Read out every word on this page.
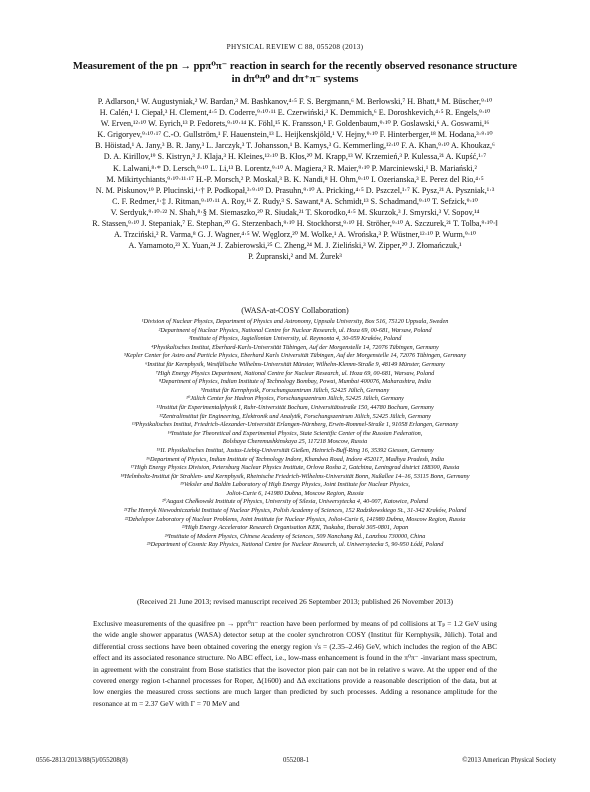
PHYSICAL REVIEW C 88, 055208 (2013)
Measurement of the pn → ppπ⁰π⁻ reaction in search for the recently observed resonance structure
in dπ⁰π⁰ and dπ⁺π⁻ systems
P. Adlarson,¹ W. Augustyniak,² W. Bardan,³ M. Bashkanov,⁴·⁵ F. S. Bergmann,⁶ M. Berłowski,⁷ H. Bhatt,⁸ M. Büscher,⁹·¹⁰
H. Calén,¹ I. Ciepał,³ H. Clement,⁴·⁵ D. Coderre,⁹·¹⁰·¹¹ E. Czerwiński,³ K. Demmich,⁶ E. Doroshkevich,⁴·⁵ R. Engels,⁹·¹⁰
W. Erven,¹²·¹⁰ W. Eyrich,¹³ P. Fedorets,⁹·¹⁰·¹⁴ K. Föhl,¹⁵ K. Fransson,¹ F. Goldenbaum,⁹·¹⁰ P. Goslawski,⁶ A. Goswami,¹⁶
K. Grigoryev,⁹·¹⁰·¹⁷ C.-O. Gullström,¹ F. Hauenstein,¹³ L. Heijkenskjöld,¹ V. Hejny,⁹·¹⁰ F. Hinterberger,¹⁸ M. Hodana,³·⁹·¹⁰
B. Höistad,¹ A. Jany,³ B. R. Jany,³ L. Jarczyk,³ T. Johansson,¹ B. Kamys,³ G. Kemmerling,¹²·¹⁰ F. A. Khan,⁹·¹⁰ A. Khoukaz,⁶
D. A. Kirillov,¹⁹ S. Kistryn,³ J. Klaja,³ H. Kleines,¹²·¹⁰ B. Kłos,²⁰ M. Krapp,¹³ W. Krzemień,³ P. Kulessa,²¹ A. Kupść,¹·⁷
K. Lalwani,⁸·* D. Lersch,⁹·¹⁰ L. Li,¹³ B. Lorentz,⁹·¹⁰ A. Magiera,³ R. Maier,⁹·¹⁰ P. Marciniewski,¹ B. Mariański,²
M. Mikirtychiants,⁹·¹⁰·¹¹·¹⁷ H.-P. Morsch,² P. Moskal,³ B. K. Nandi,⁸ H. Ohm,⁹·¹⁰ I. Ozerianska,³ E. Perez del Rio,⁴·⁵
N. M. Piskunov,¹⁹ P. Plucinski,¹·† P. Podkopał,³·⁹·¹⁰ D. Prasuhn,⁹·¹⁰ A. Pricking,⁴·⁵ D. Pszczel,¹·⁷ K. Pysz,²¹ A. Pyszniak,¹·³
C. F. Redmer,¹·‡ J. Ritman,⁹·¹⁰·¹¹ A. Roy,¹⁶ Z. Rudy,³ S. Sawant,⁸ A. Schmidt,¹³ S. Schadmand,⁹·¹⁰ T. Sefzick,⁹·¹⁰
V. Serdyuk,⁹·¹⁰·²² N. Shah,⁸·§ M. Siemaszko,²⁰ R. Siudak,²¹ T. Skorodko,⁴·⁵ M. Skurzok,³ J. Smyrski,³ V. Sopov,¹⁴
R. Stassen,⁹·¹⁰ J. Stepaniak,⁷ E. Stephan,²⁰ G. Sterzenbach,⁹·¹⁰ H. Stockhorst,⁹·¹⁰ H. Ströher,⁹·¹⁰ A. Szczurek,²¹ T. Tolba,⁹·¹⁰·‖
A. Trzciński,² R. Varma,⁸ G. J. Wagner,⁴·⁵ W. Węglorz,²⁰ M. Wolke,¹ A. Wrońska,³ P. Wüstner,¹²·¹⁰ P. Wurm,⁹·¹⁰
A. Yamamoto,²³ X. Yuan,²⁴ J. Zabierowski,²⁵ C. Zheng,²⁴ M. J. Zieliński,³ W. Zipper,²⁰ J. Złomańczuk,¹
P. Żupranski,² and M. Żurek³
(WASA-at-COSY Collaboration)
¹Division of Nuclear Physics, Department of Physics and Astronomy, Uppsala University, Box 516, 75120 Uppsala, Sweden
²Department of Nuclear Physics, National Centre for Nuclear Research, ul. Hoza 69, 00-681, Warsaw, Poland
³Institute of Physics, Jagiellonian University, ul. Reymonta 4, 30-059 Kraków, Poland
⁴Physikalisches Institut, Eberhard-Karls-Universität Tübingen, Auf der Morgenstelle 14, 72076 Tübingen, Germany
⁵Kepler Center for Astro and Particle Physics, Eberhard Karls Universität Tübingen, Auf der Morgenstelle 14, 72076 Tübingen, Germany
⁶Institut für Kernphysik, Westfälische Wilhelms-Universität Münster, Wilhelm-Klemm-Straße 9, 48149 Münster, Germany
⁷High Energy Physics Department, National Centre for Nuclear Research, ul. Hoza 69, 00-681, Warsaw, Poland
⁸Department of Physics, Indian Institute of Technology Bombay, Powai, Mumbai 400076, Maharashtra, India
⁹Institut für Kernphysik, Forschungszentrum Jülich, 52425 Jülich, Germany
¹⁰Jülich Center for Hadron Physics, Forschungszentrum Jülich, 52425 Jülich, Germany
¹¹Institut für Experimentalphysik I, Ruhr-Universität Bochum, Universitätsstraße 150, 44780 Bochum, Germany
¹²Zentralinstitut für Engineering, Elektronik und Analytik, Forschungszentrum Jülich, 52425 Jülich, Germany
¹³Physikalisches Institut, Friedrich-Alexander-Universität Erlangen-Nürnberg, Erwin-Rommel-Straße 1, 91058 Erlangen, Germany
¹⁴Institute for Theoretical and Experimental Physics, State Scientific Center of the Russian Federation,
Bolshaya Cheremushkinskaya 25, 117218 Moscow, Russia
¹⁵II. Physikalisches Institut, Justus-Liebig-Universität Gießen, Heinrich-Buff-Ring 16, 35392 Giessen, Germany
¹⁶Department of Physics, Indian Institute of Technology Indore, Khandwa Road, Indore 452017, Madhya Pradesh, India
¹⁷High Energy Physics Division, Petersburg Nuclear Physics Institute, Orlova Rosha 2, Gatchina, Leningrad district 188300, Russia
¹⁸Helmholtz-Institut für Strahlen- und Kernphysik, Rheinische Friedrich-Wilhelms-Universität Bonn, Nußallee 14–16, 53115 Bonn, Germany
¹⁹Veksler and Baldin Laboratory of High Energy Physics, Joint Institute for Nuclear Physics,
Joliot-Curie 6, 141980 Dubna, Moscow Region, Russia
²⁰August Chełkowski Institute of Physics, University of Silesia, Uniwersytecka 4, 40-007, Katowice, Poland
²¹The Henryk Niewodniczański Institute of Nuclear Physics, Polish Academy of Sciences, 152 Radzikowskiego St., 31-342 Kraków, Poland
²²Dzhelepov Laboratory of Nuclear Problems, Joint Institute for Nuclear Physics, Joliot-Curie 6, 141980 Dubna, Moscow Region, Russia
²³High Energy Accelerator Research Organisation KEK, Tsukuba, Ibaraki 305-0801, Japan
²⁴Institute of Modern Physics, Chinese Academy of Sciences, 509 Nanchang Rd., Lanzhou 730000, China
²⁵Department of Cosmic Ray Physics, National Centre for Nuclear Research, ul. Uniwersytecka 5, 90-950 Łódź, Poland
(Received 21 June 2013; revised manuscript received 26 September 2013; published 26 November 2013)
Exclusive measurements of the quasifree pn → ppπ⁰π⁻ reaction have been performed by means of pd collisions at Tₚ = 1.2 GeV using the wide angle shower apparatus (WASA) detector setup at the cooler synchrotron COSY (Institut für Kernphysik, Jülich). Total and differential cross sections have been obtained covering the energy region √s = (2.35–2.46) GeV, which includes the region of the ABC effect and its associated resonance structure. No ABC effect, i.e., low-mass enhancement is found in the π⁰π⁻ -invariant mass spectrum, in agreement with the constraint from Bose statistics that the isovector pion pair can not be in relative s wave. At the upper end of the covered energy region t-channel processes for Roper, Δ(1600) and ΔΔ excitations provide a reasonable description of the data, but at low energies the measured cross sections are much larger than predicted by such processes. Adding a resonance amplitude for the resonance at m = 2.37 GeV with Γ = 70 MeV and
0556-2813/2013/88(5)/055208(8)	055208-1	©2013 American Physical Society
